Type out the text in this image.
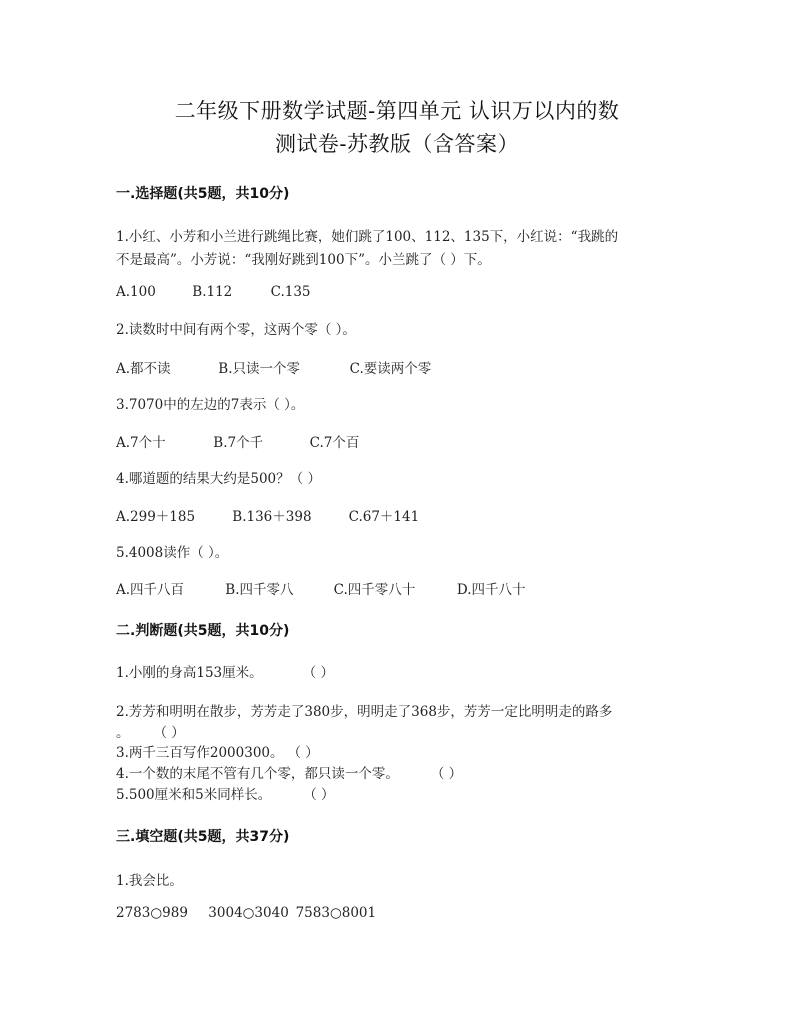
二年级下册数学试题-第四单元 认识万以内的数
测试卷-苏教版（含答案）
一.选择题(共5题，共10分)
1.小红、小芳和小兰进行跳绳比赛，她们跳了100、112、135下，小红说：“我跳的
不是最高”。小芳说：“我刚好跳到100下”。小兰跳了（ ）下。
A.100	B.112	C.135
2.读数时中间有两个零，这两个零（ ）。
A.都不读	B.只读一个零	C.要读两个零
3.7070中的左边的7表示（ ）。
A.7个十	B.7个千	C.7个百
4.哪道题的结果大约是500？（ ）
A.299＋185	B.136＋398	C.67＋141
5.4008读作（ ）。
A.四千八百	B.四千零八	C.四千零八十	D.四千八十
二.判断题(共5题，共10分)
1.小刚的身高153厘米。	（ ）
2.芳芳和明明在散步，芳芳走了380步，明明走了368步，芳芳一定比明明走的路多
。 （ ）
3.两千三百写作2000300。 （ ）
4.一个数的末尾不管有几个零，都只读一个零。 （ ）
5.500厘米和5米同样长。 （ ）
三.填空题(共5题，共37分)
1.我会比。
2783○989 3004○3040 7583○8001
